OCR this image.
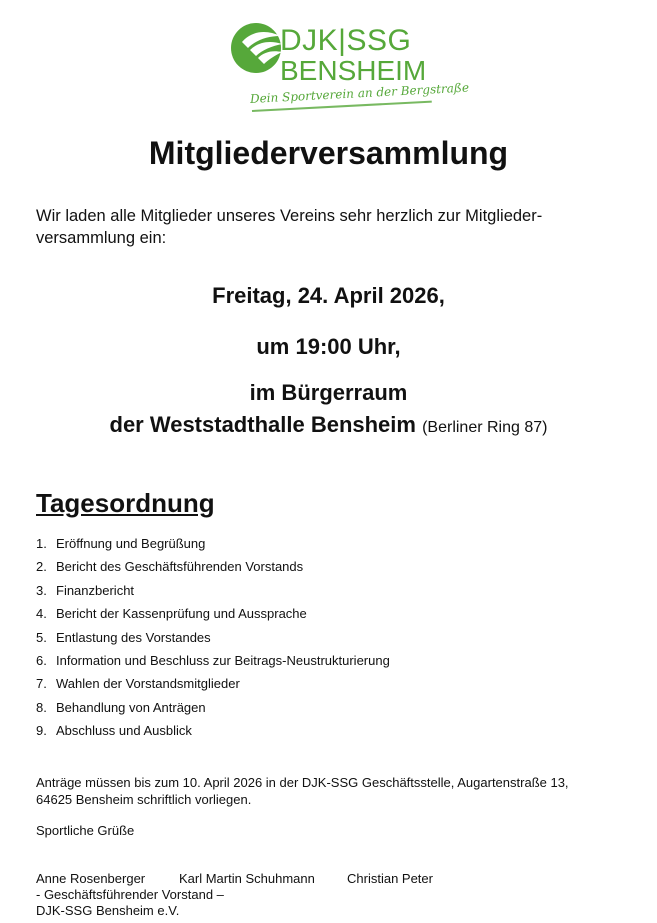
DJK|SSG
BENSHEIM
Dein Sportverein an der Bergstraße
Mitgliederversammlung

Wir laden alle Mitglieder unseres Vereins sehr herzlich zur Mitglieder-
versammlung ein:

Freitag, 24. April 2026,

um 19:00 Uhr,

im Bürgerraum

der Weststadthalle Bensheim (Berliner Ring 87)

Tagesordnung
1. Eröffnung und Begrüßung
2. Bericht des Geschäftsführenden Vorstands
3. Finanzbericht
4. Bericht der Kassenprüfung und Aussprache
5. Entlastung des Vorstandes
6. Information und Beschluss zur Beitrags-Neustrukturierung
7. Wahlen der Vorstandsmitglieder
8. Behandlung von Anträgen
9. Abschluss und Ausblick

Anträge müssen bis zum 10. April 2026 in der DJK-SSG Geschäftsstelle, Augartenstraße 13,
64625 Bensheim schriftlich vorliegen.

Sportliche Grüße

Anne Rosenberger	Karl Martin Schuhmann Christian Peter

- Geschäftsführender Vorstand –

DJK-SSG Bensheim e.V.
